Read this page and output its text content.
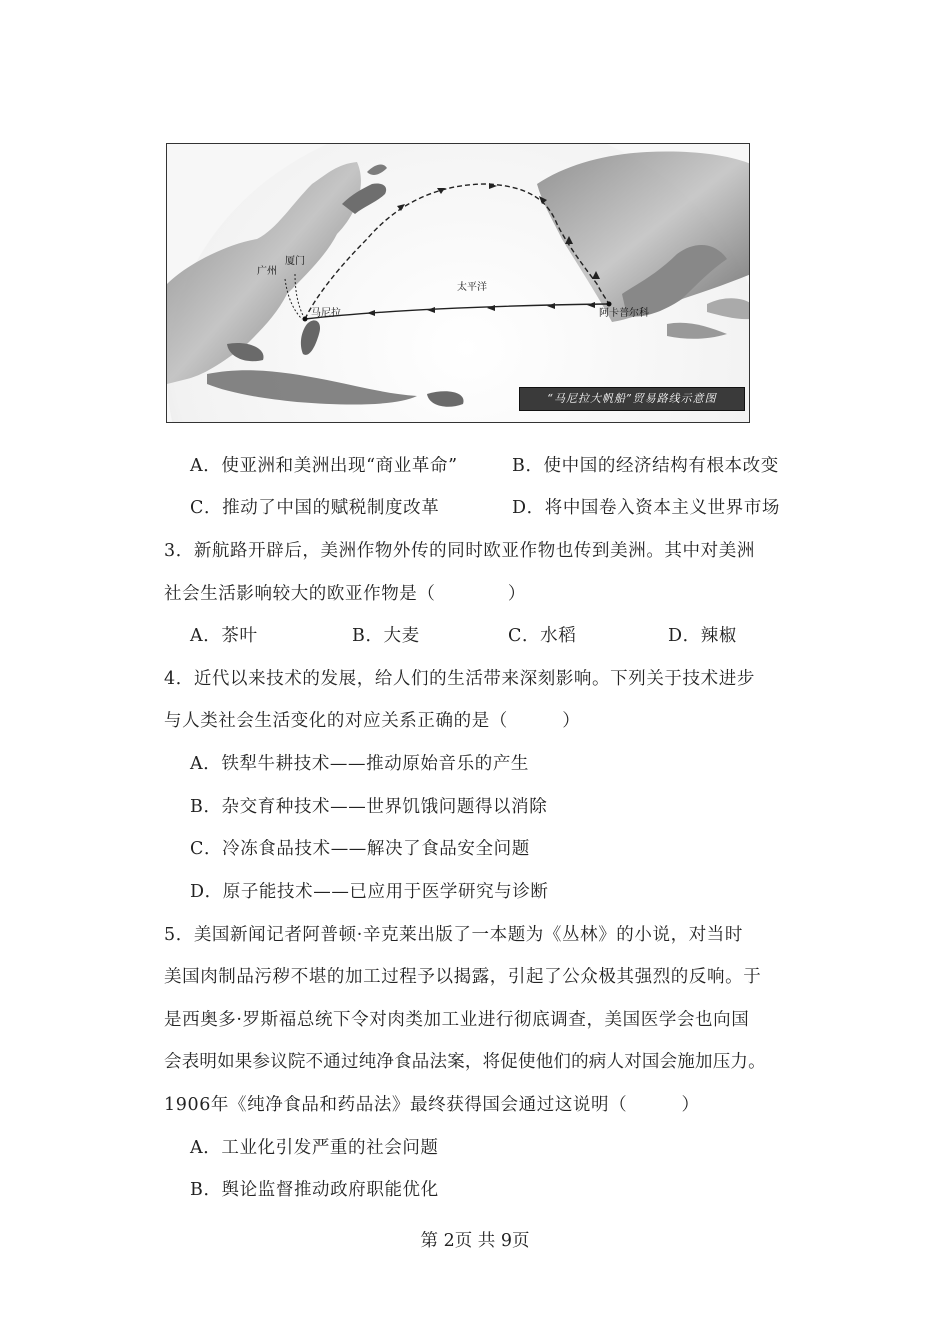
广州
厦门
马尼拉
太平洋
阿卡普尔科
“马尼拉大帆船”贸易路线示意图
A．使亚洲和美洲出现“商业革命”	B．使中国的经济结构有根本改变
C．推动了中国的赋税制度改革	D．将中国卷入资本主义世界市场
3．新航路开辟后，美洲作物外传的同时欧亚作物也传到美洲。其中对美洲
社会生活影响较大的欧亚作物是（　　　　）
A．茶叶	B．大麦	C．水稻	D．辣椒
4．近代以来技术的发展，给人们的生活带来深刻影响。下列关于技术进步
与人类社会生活变化的对应关系正确的是（　　　）
A．铁犁牛耕技术——推动原始音乐的产生
B．杂交育种技术——世界饥饿问题得以消除
C．冷冻食品技术——解决了食品安全问题
D．原子能技术——已应用于医学研究与诊断
5．美国新闻记者阿普顿·辛克莱出版了一本题为《丛林》的小说，对当时
美国肉制品污秽不堪的加工过程予以揭露，引起了公众极其强烈的反响。于
是西奥多·罗斯福总统下令对肉类加工业进行彻底调查，美国医学会也向国
会表明如果参议院不通过纯净食品法案，将促使他们的病人对国会施加压力。
1906年《纯净食品和药品法》最终获得国会通过这说明（　　　）
A．工业化引发严重的社会问题
B．舆论监督推动政府职能优化
第 2页 共 9页
